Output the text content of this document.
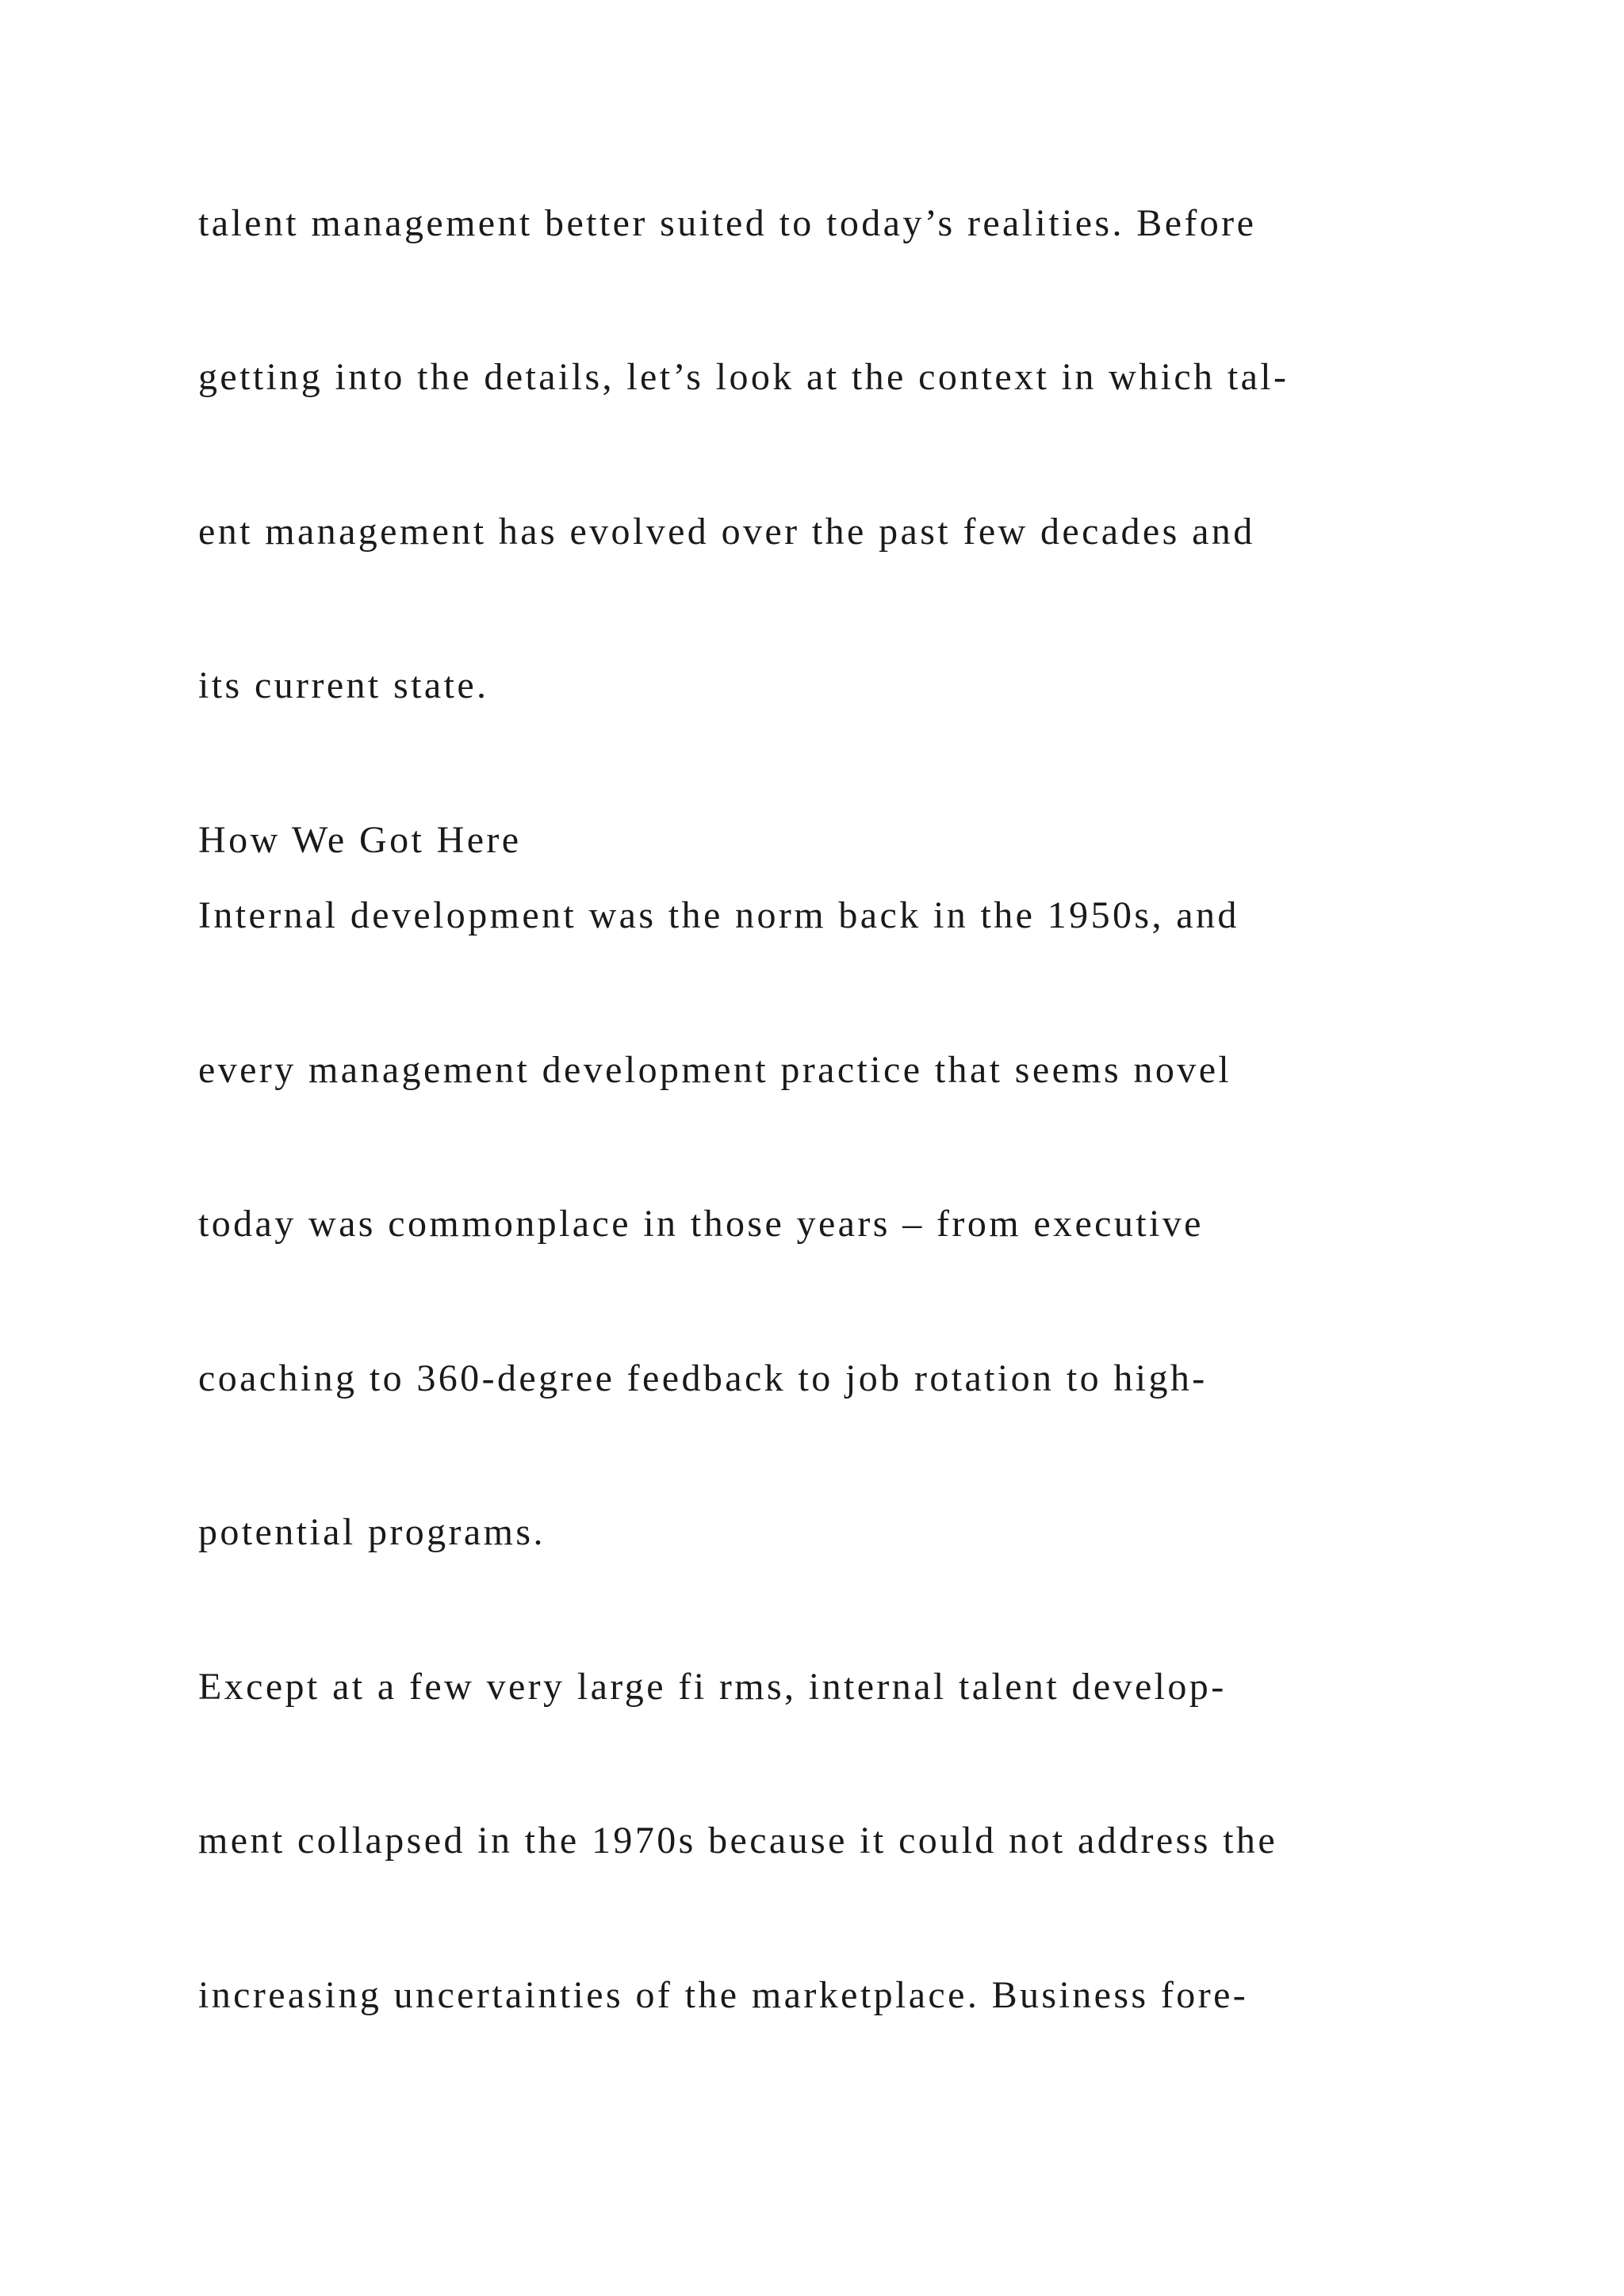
talent management better suited to today’s realities. Before

getting into the details, let’s look at the context in which tal-

ent management has evolved over the past few decades and

its current state.

How We Got Here

Internal development was the norm back in the 1950s, and

every management development practice that seems novel

today was commonplace in those years – from executive

coaching to 360-degree feedback to job rotation to high-

potential programs.

Except at a few very large fi rms, internal talent develop-

ment collapsed in the 1970s because it could not address the

increasing uncertainties of the marketplace. Business fore-
